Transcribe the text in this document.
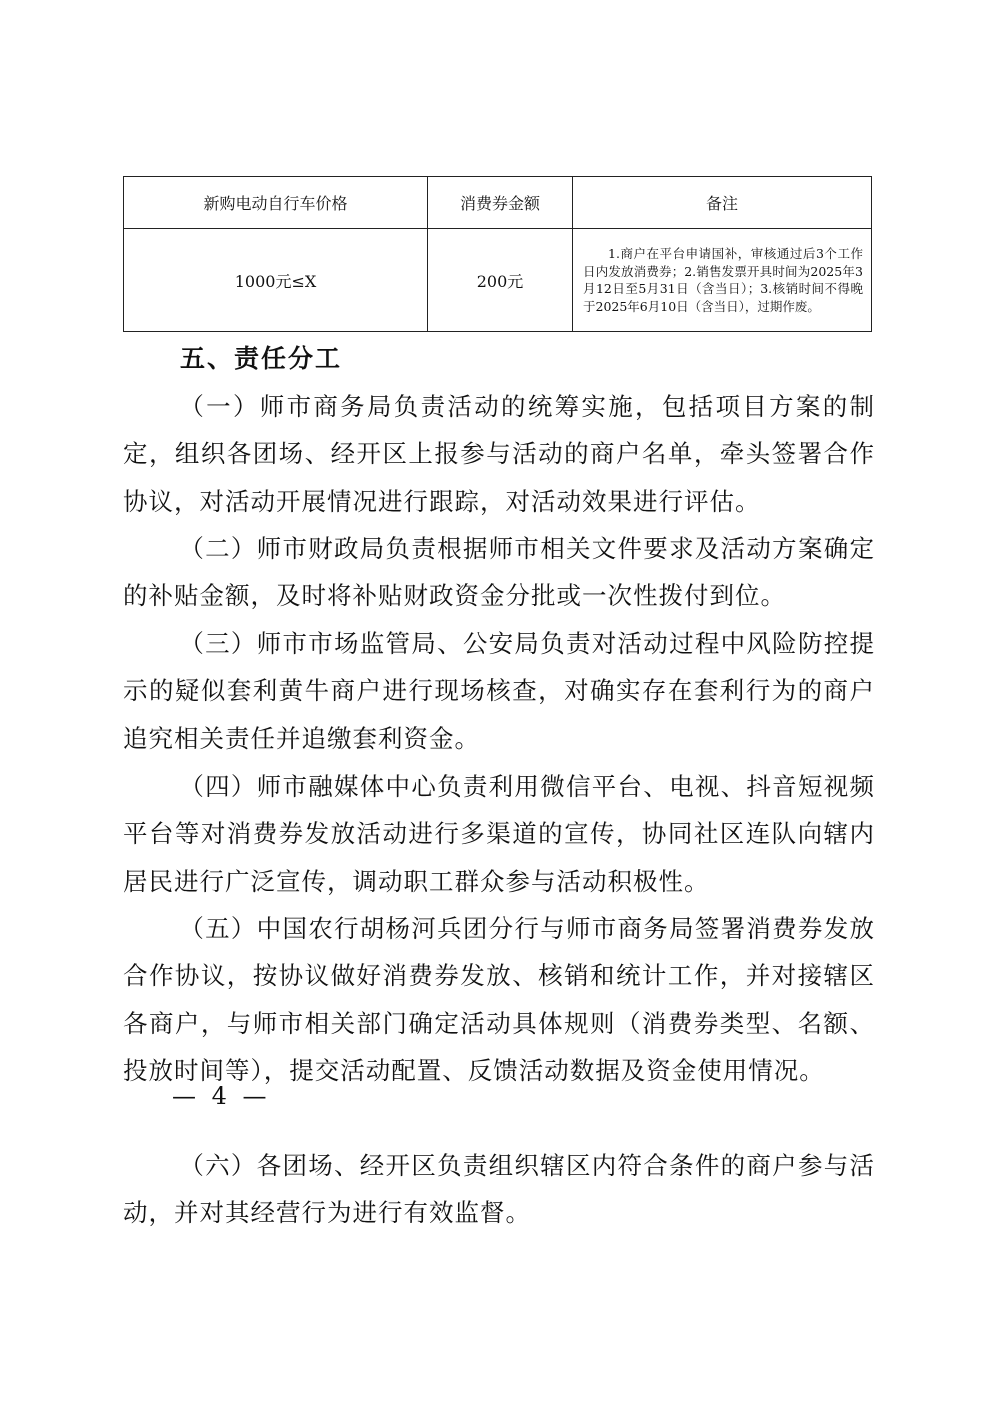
新购电动自行车价格	消费券金额	备注
1000元≤X	200元	1.商户在平台申请国补，审核通过后3个工作日内发放消费券；2.销售发票开具时间为2025年3月12日至5月31日（含当日）；3.核销时间不得晚于2025年6月10日（含当日），过期作废。
五、责任分工

（一）师市商务局负责活动的统筹实施，包括项目方案的制定，组织各团场、经开区上报参与活动的商户名单，牵头签署合作协议，对活动开展情况进行跟踪，对活动效果进行评估。

（二）师市财政局负责根据师市相关文件要求及活动方案确定的补贴金额，及时将补贴财政资金分批或一次性拨付到位。

（三）师市市场监管局、公安局负责对活动过程中风险防控提示的疑似套利黄牛商户进行现场核查，对确实存在套利行为的商户追究相关责任并追缴套利资金。

（四）师市融媒体中心负责利用微信平台、电视、抖音短视频平台等对消费券发放活动进行多渠道的宣传，协同社区连队向辖内居民进行广泛宣传，调动职工群众参与活动积极性。

（五）中国农行胡杨河兵团分行与师市商务局签署消费券发放合作协议，按协议做好消费券发放、核销和统计工作，并对接辖区各商户，与师市相关部门确定活动具体规则（消费券类型、名额、投放时间等），提交活动配置、反馈活动数据及资金使用情况。

（六）各团场、经开区负责组织辖区内符合条件的商户参与活动，并对其经营行为进行有效监督。

— 4 —
